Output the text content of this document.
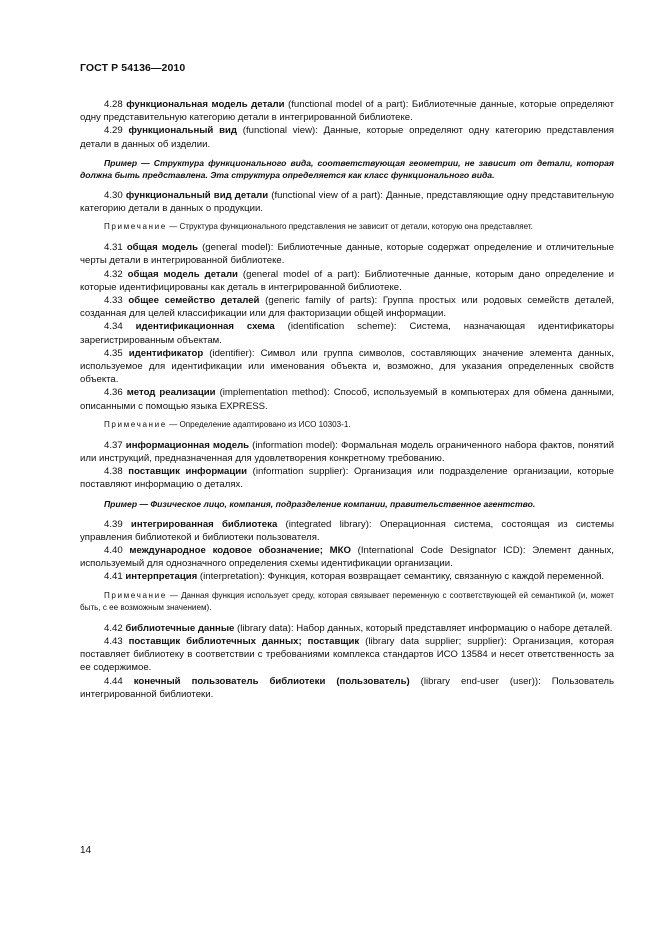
ГОСТ Р 54136—2010

4.28 функциональная модель детали (functional model of a part): Библиотечные данные, которые определяют одну представительную категорию детали в интегрированной библиотеке.

4.29 функциональный вид (functional view): Данные, которые определяют одну категорию представления детали в данных об изделии.

Пример — Структура функционального вида, соответствующая геометрии, не зависит от детали, которая должна быть представлена. Эта структура определяется как класс функционального вида.

4.30 функциональный вид детали (functional view of a part): Данные, представляющие одну представительную категорию детали в данных о продукции.

Примечание — Структура функционального представления не зависит от детали, которую она представляет.

4.31 общая модель (general model): Библиотечные данные, которые содержат определение и отличительные черты детали в интегрированной библиотеке.

4.32 общая модель детали (general model of a part): Библиотечные данные, которым дано определение и которые идентифицированы как деталь в интегрированной библиотеке.

4.33 общее семейство деталей (generic family of parts): Группа простых или родовых семейств деталей, созданная для целей классификации или для факторизации общей информации.

4.34 идентификационная схема (identification scheme): Система, назначающая идентификаторы зарегистрированным объектам.

4.35 идентификатор (identifier): Символ или группа символов, составляющих значение элемента данных, используемое для идентификации или именования объекта и, возможно, для указания определенных свойств объекта.

4.36 метод реализации (implementation method): Способ, используемый в компьютерах для обмена данными, описанными с помощью языка EXPRESS.

Примечание — Определение адаптировано из ИСО 10303-1.

4.37 информационная модель (information model): Формальная модель ограниченного набора фактов, понятий или инструкций, предназначенная для удовлетворения конкретному требованию.

4.38 поставщик информации (information supplier): Организация или подразделение организации, которые поставляют информацию о деталях.

Пример — Физическое лицо, компания, подразделение компании, правительственное агентство.

4.39 интегрированная библиотека (integrated library): Операционная система, состоящая из системы управления библиотекой и библиотеки пользователя.

4.40 международное кодовое обозначение; МКО (International Code Designator ICD): Элемент данных, используемый для однозначного определения схемы идентификации организации.

4.41 интерпретация (interpretation): Функция, которая возвращает семантику, связанную с каждой переменной.

Примечание — Данная функция использует среду, которая связывает переменную с соответствующей ей семантикой (и, может быть, с ее возможным значением).

4.42 библиотечные данные (library data): Набор данных, который представляет информацию о наборе деталей.

4.43 поставщик библиотечных данных; поставщик (library data supplier; supplier): Организация, которая поставляет библиотеку в соответствии с требованиями комплекса стандартов ИСО 13584 и несет ответственность за ее содержимое.

4.44 конечный пользователь библиотеки (пользователь) (library end-user (user)): Пользователь интегрированной библиотеки.

14
